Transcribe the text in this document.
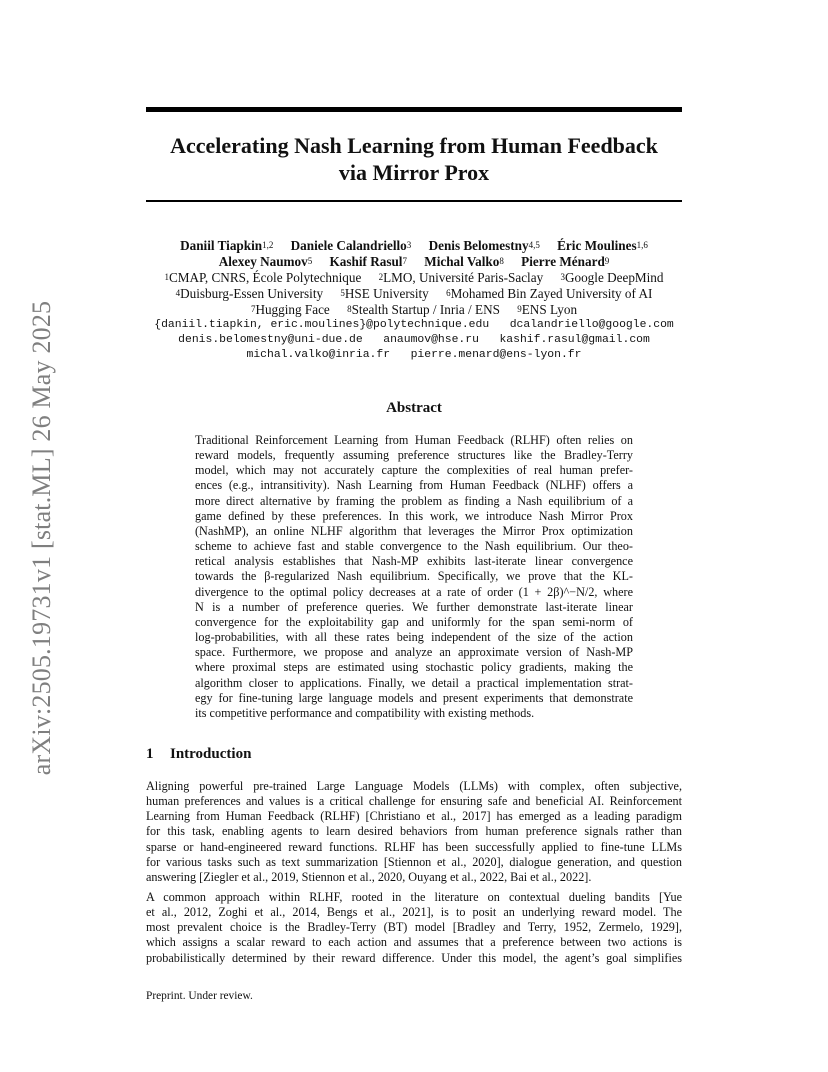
arXiv:2505.19731v1 [stat.ML] 26 May 2025
Accelerating Nash Learning from Human Feedback
via Mirror Prox
Daniil Tiapkin$^{1,2}$ Daniele Calandriello$^3$ Denis Belomestny$^{4,5}$ Éric Moulines$^{1,6}$
Alexey Naumov$^5$ Kashif Rasul$^7$ Michal Valko$^8$ Pierre Ménard$^9$
$^1$CMAP, CNRS, École Polytechnique $^2$LMO, Université Paris-Saclay $^3$Google DeepMind
$^4$Duisburg-Essen University $^5$HSE University $^6$Mohamed Bin Zayed University of AI
$^7$Hugging Face $^8$Stealth Startup / Inria / ENS $^9$ENS Lyon
{daniil.tiapkin, eric.moulines}@polytechnique.edu   dcalandriello@google.com
denis.belomestny@uni-due.de   anaumov@hse.ru   kashif.rasul@gmail.com
michal.valko@inria.fr   pierre.menard@ens-lyon.fr
Abstract
Traditional Reinforcement Learning from Human Feedback (RLHF) often relies on
reward models, frequently assuming preference structures like the Bradley-Terry
model, which may not accurately capture the complexities of real human prefer-
ences (e.g., intransitivity). Nash Learning from Human Feedback (NLHF) offers a
more direct alternative by framing the problem as finding a Nash equilibrium of a
game defined by these preferences. In this work, we introduce Nash Mirror Prox
(NashMP), an online NLHF algorithm that leverages the Mirror Prox optimization
scheme to achieve fast and stable convergence to the Nash equilibrium. Our theo-
retical analysis establishes that Nash-MP exhibits last-iterate linear convergence
towards the β-regularized Nash equilibrium. Specifically, we prove that the KL-
divergence to the optimal policy decreases at a rate of order (1 + 2β)^−N/2, where
N is a number of preference queries. We further demonstrate last-iterate linear
convergence for the exploitability gap and uniformly for the span semi-norm of
log-probabilities, with all these rates being independent of the size of the action
space. Furthermore, we propose and analyze an approximate version of Nash-MP
where proximal steps are estimated using stochastic policy gradients, making the
algorithm closer to applications. Finally, we detail a practical implementation strat-
egy for fine-tuning large language models and present experiments that demonstrate
its competitive performance and compatibility with existing methods.
1 Introduction
Aligning powerful pre-trained Large Language Models (LLMs) with complex, often subjective,
human preferences and values is a critical challenge for ensuring safe and beneficial AI. Reinforcement
Learning from Human Feedback (RLHF) [Christiano et al., 2017] has emerged as a leading paradigm
for this task, enabling agents to learn desired behaviors from human preference signals rather than
sparse or hand-engineered reward functions. RLHF has been successfully applied to fine-tune LLMs
for various tasks such as text summarization [Stiennon et al., 2020], dialogue generation, and question
answering [Ziegler et al., 2019, Stiennon et al., 2020, Ouyang et al., 2022, Bai et al., 2022].
A common approach within RLHF, rooted in the literature on contextual dueling bandits [Yue
et al., 2012, Zoghi et al., 2014, Bengs et al., 2021], is to posit an underlying reward model. The
most prevalent choice is the Bradley-Terry (BT) model [Bradley and Terry, 1952, Zermelo, 1929],
which assigns a scalar reward to each action and assumes that a preference between two actions is
probabilistically determined by their reward difference. Under this model, the agent’s goal simplifies
Preprint. Under review.
